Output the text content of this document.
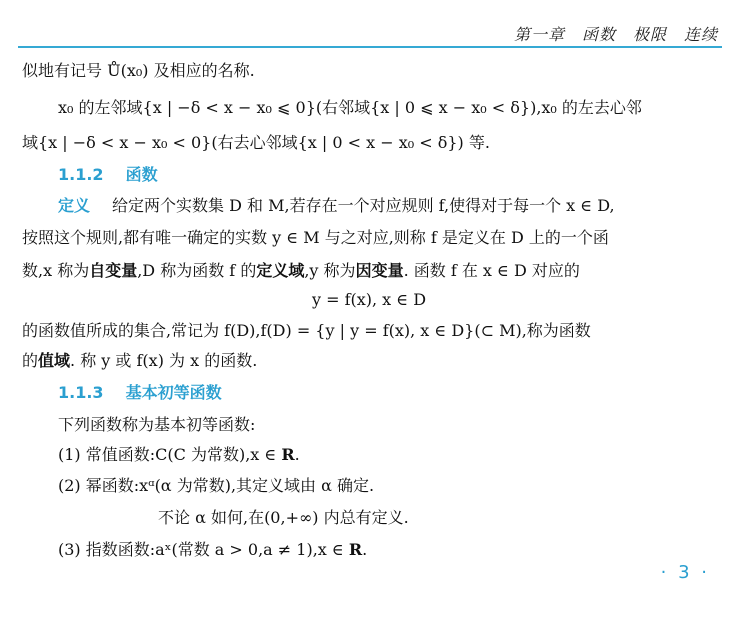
第一章　函数　极限　连续
似地有记号 Ů(x₀) 及相应的名称.
x₀ 的左邻域{x | −δ < x − x₀ ⩽ 0}(右邻域{x | 0 ⩽ x − x₀ < δ}),x₀ 的左去心邻
域{x | −δ < x − x₀ < 0}(右去心邻域{x | 0 < x − x₀ < δ}) 等.
1.1.2 函数
定义 给定两个实数集 D 和 M,若存在一个对应规则 f,使得对于每一个 x ∈ D,
按照这个规则,都有唯一确定的实数 y ∈ M 与之对应,则称 f 是定义在 D 上的一个函
数,x 称为自变量,D 称为函数 f 的定义域,y 称为因变量. 函数 f 在 x ∈ D 对应的
y = f(x), x ∈ D
的函数值所成的集合,常记为 f(D),f(D) = {y | y = f(x), x ∈ D}(⊂ M),称为函数
的值域. 称 y 或 f(x) 为 x 的函数.
1.1.3 基本初等函数
下列函数称为基本初等函数:
(1) 常值函数:C(C 为常数),x ∈ R.
(2) 幂函数:xᵅ(α 为常数),其定义域由 α 确定.
不论 α 如何,在(0,+∞) 内总有定义.
(3) 指数函数:aˣ(常数 a > 0,a ≠ 1),x ∈ R.
· 3 ·
